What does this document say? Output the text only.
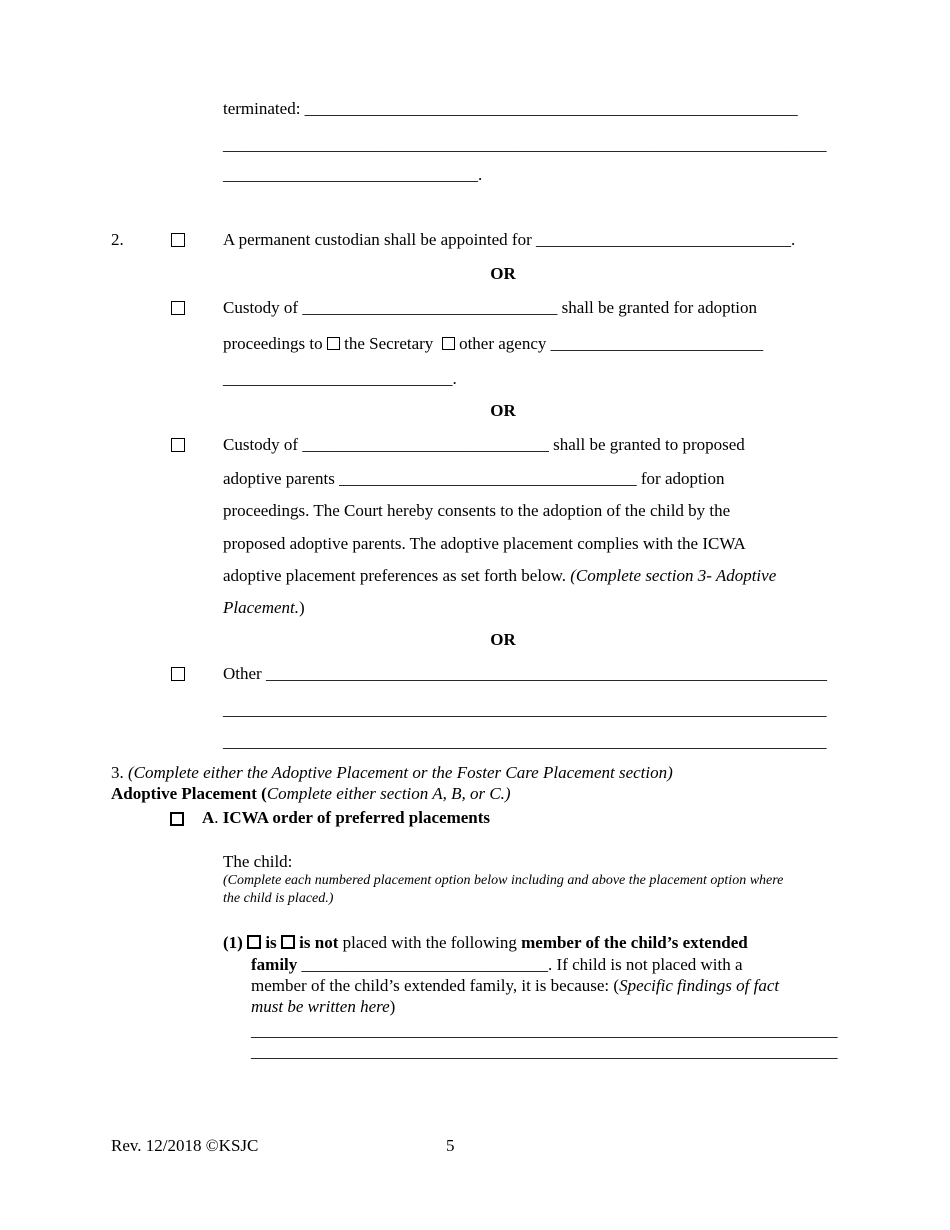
terminated: __________________________________________________________
_______________________________________________________________________
______________________________.
2.	A permanent custodian shall be appointed for ______________________________.
OR
Custody of ______________________________ shall be granted for adoption
proceedings to the Secretary other agency _________________________
___________________________.
OR
Custody of _____________________________ shall be granted to proposed
adoptive parents ___________________________________ for adoption
proceedings. The Court hereby consents to the adoption of the child by the
proposed adoptive parents. The adoptive placement complies with the ICWA
adoptive placement preferences as set forth below. (Complete section 3- Adoptive
Placement.)
OR
Other __________________________________________________________________
_______________________________________________________________________
_______________________________________________________________________
3. (Complete either the Adoptive Placement or the Foster Care Placement section)
Adoptive Placement (Complete either section A, B, or C.)
A. ICWA order of preferred placements
The child:
(Complete each numbered placement option below including and above the placement option where
the child is placed.)
(1) is is not placed with the following member of the child’s extended
family _____________________________. If child is not placed with a
member of the child’s extended family, it is because: (Specific findings of fact
must be written here)
_____________________________________________________________________
_____________________________________________________________________
Rev. 12/2018 ©KSJC	5
